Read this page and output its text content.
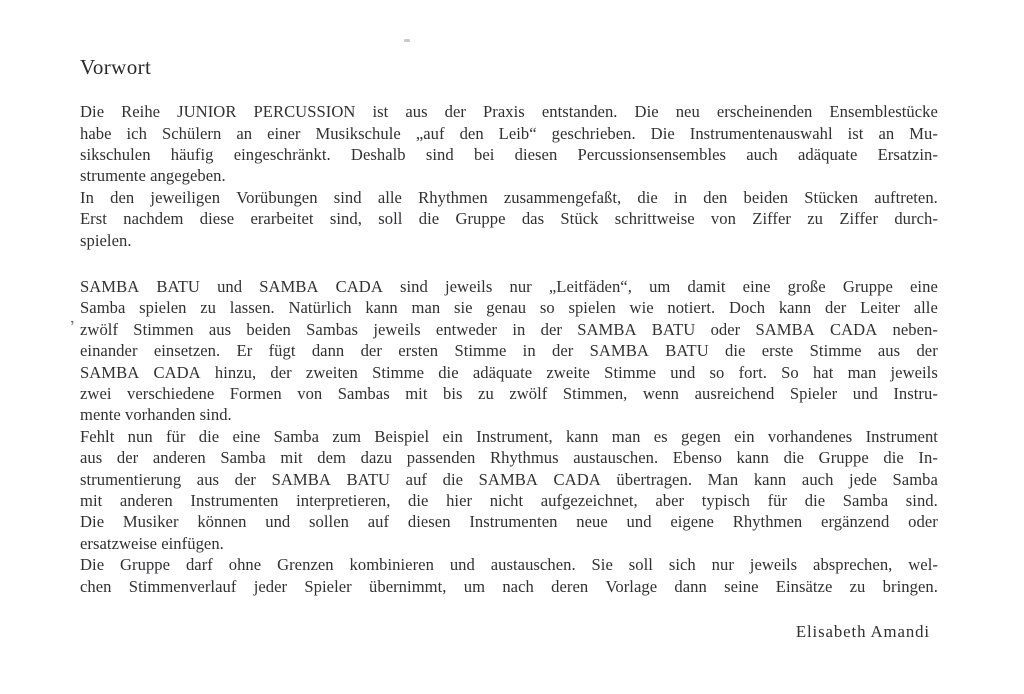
’
Vorwort
Die Reihe JUNIOR PERCUSSION ist aus der Praxis entstanden. Die neu erscheinenden Ensemblestücke
habe ich Schülern an einer Musikschule „auf den Leib“ geschrieben. Die Instrumentenauswahl ist an Mu-
sikschulen häufig eingeschränkt. Deshalb sind bei diesen Percussionsensembles auch adäquate Ersatzin-
strumente angegeben.
In den jeweiligen Vorübungen sind alle Rhythmen zusammengefaßt, die in den beiden Stücken auftreten.
Erst nachdem diese erarbeitet sind, soll die Gruppe das Stück schrittweise von Ziffer zu Ziffer durch-
spielen.
SAMBA BATU und SAMBA CADA sind jeweils nur „Leitfäden“, um damit eine große Gruppe eine
Samba spielen zu lassen. Natürlich kann man sie genau so spielen wie notiert. Doch kann der Leiter alle
zwölf Stimmen aus beiden Sambas jeweils entweder in der SAMBA BATU oder SAMBA CADA neben-
einander einsetzen. Er fügt dann der ersten Stimme in der SAMBA BATU die erste Stimme aus der
SAMBA CADA hinzu, der zweiten Stimme die adäquate zweite Stimme und so fort. So hat man jeweils
zwei verschiedene Formen von Sambas mit bis zu zwölf Stimmen, wenn ausreichend Spieler und Instru-
mente vorhanden sind.
Fehlt nun für die eine Samba zum Beispiel ein Instrument, kann man es gegen ein vorhandenes Instrument
aus der anderen Samba mit dem dazu passenden Rhythmus austauschen. Ebenso kann die Gruppe die In-
strumentierung aus der SAMBA BATU auf die SAMBA CADA übertragen. Man kann auch jede Samba
mit anderen Instrumenten interpretieren, die hier nicht aufgezeichnet, aber typisch für die Samba sind.
Die Musiker können und sollen auf diesen Instrumenten neue und eigene Rhythmen ergänzend oder
ersatzweise einfügen.
Die Gruppe darf ohne Grenzen kombinieren und austauschen. Sie soll sich nur jeweils absprechen, wel-
chen Stimmenverlauf jeder Spieler übernimmt, um nach deren Vorlage dann seine Einsätze zu bringen.
Elisabeth Amandi
